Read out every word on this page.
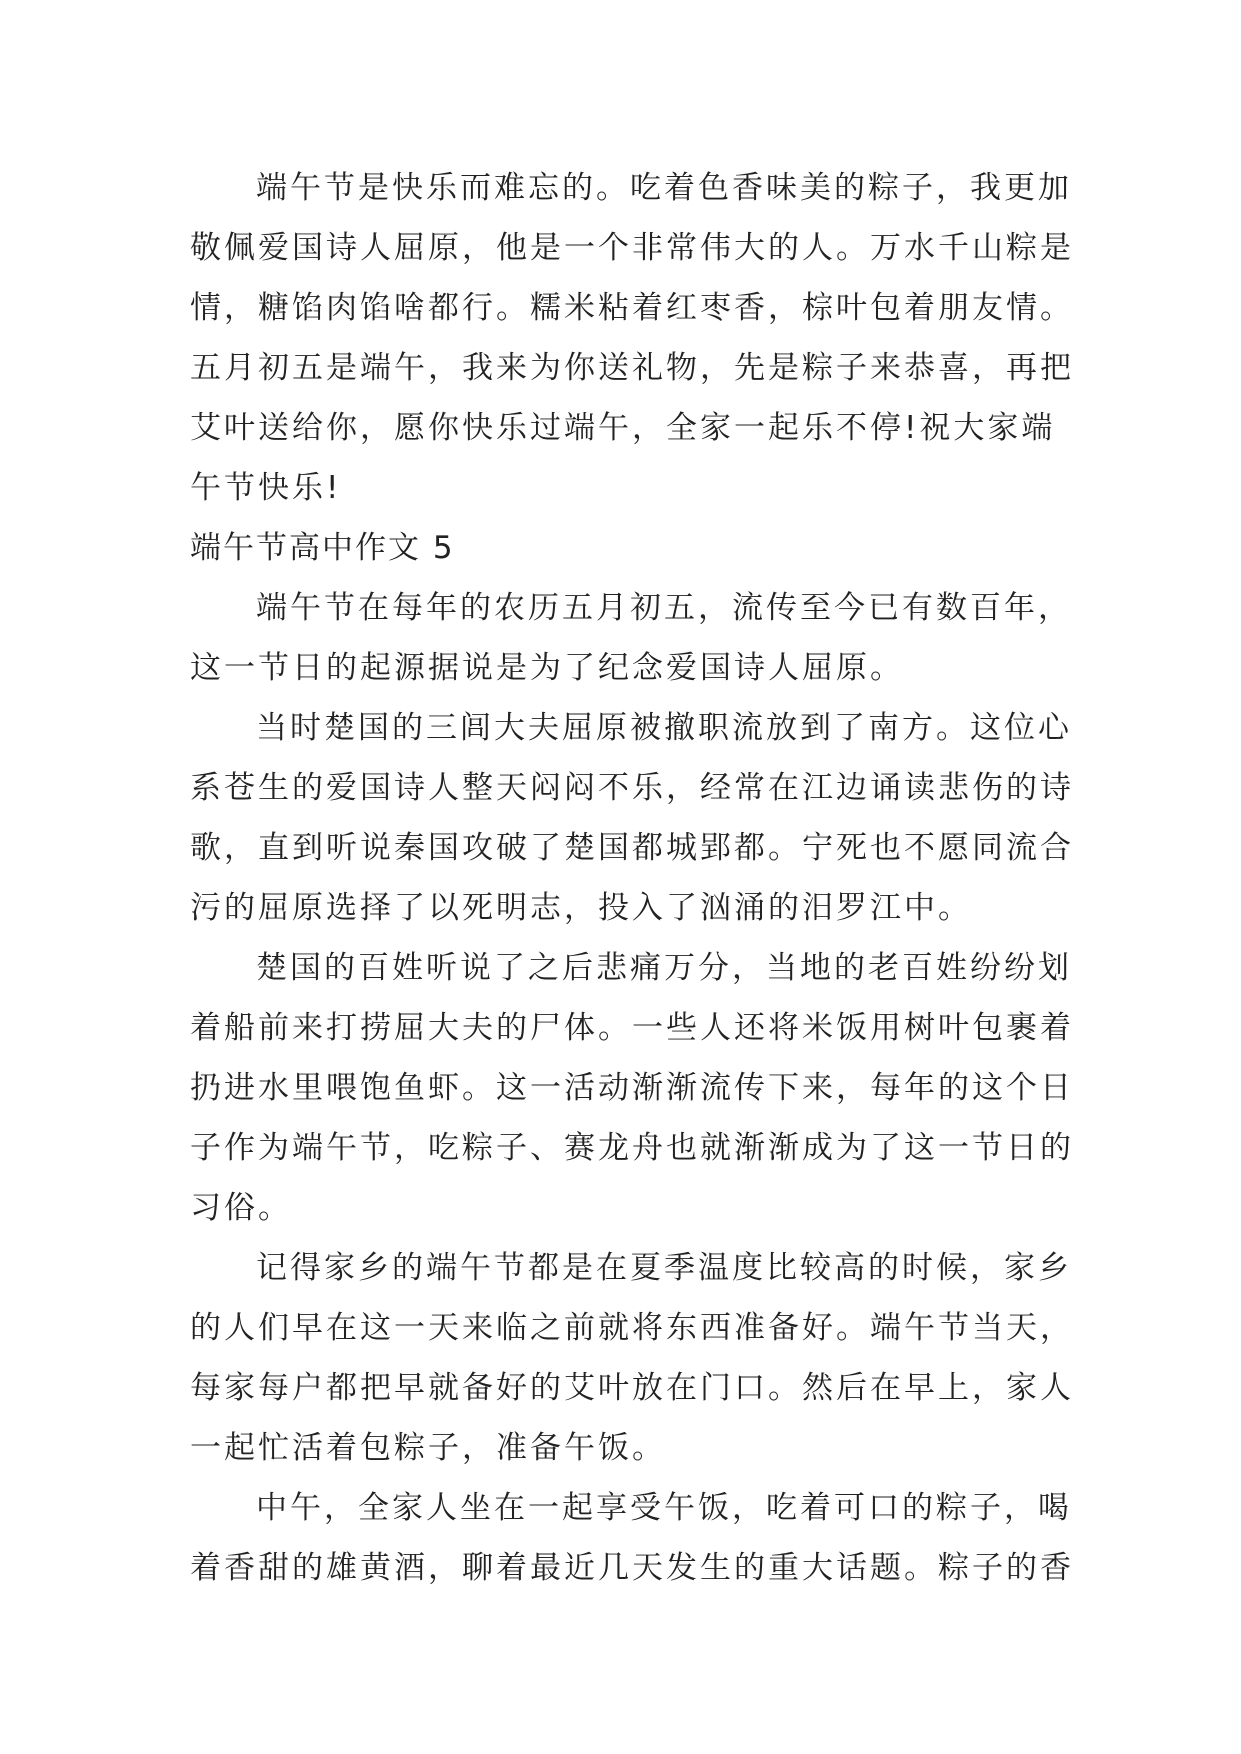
端午节是快乐而难忘的。吃着色香味美的粽子，我更加
敬佩爱国诗人屈原，他是一个非常伟大的人。万水千山粽是
情，糖馅肉馅啥都行。糯米粘着红枣香，棕叶包着朋友情。
五月初五是端午，我来为你送礼物，先是粽子来恭喜，再把
艾叶送给你，愿你快乐过端午，全家一起乐不停!祝大家端
午节快乐!
端午节高中作文 5
端午节在每年的农历五月初五，流传至今已有数百年，
这一节日的起源据说是为了纪念爱国诗人屈原。
当时楚国的三闾大夫屈原被撤职流放到了南方。这位心
系苍生的爱国诗人整天闷闷不乐，经常在江边诵读悲伤的诗
歌，直到听说秦国攻破了楚国都城郢都。宁死也不愿同流合
污的屈原选择了以死明志，投入了汹涌的汨罗江中。
楚国的百姓听说了之后悲痛万分，当地的老百姓纷纷划
着船前来打捞屈大夫的尸体。一些人还将米饭用树叶包裹着
扔进水里喂饱鱼虾。这一活动渐渐流传下来，每年的这个日
子作为端午节，吃粽子、赛龙舟也就渐渐成为了这一节日的
习俗。
记得家乡的端午节都是在夏季温度比较高的时候，家乡
的人们早在这一天来临之前就将东西准备好。端午节当天，
每家每户都把早就备好的艾叶放在门口。然后在早上，家人
一起忙活着包粽子，准备午饭。
中午，全家人坐在一起享受午饭，吃着可口的粽子，喝
着香甜的雄黄酒，聊着最近几天发生的重大话题。粽子的香
